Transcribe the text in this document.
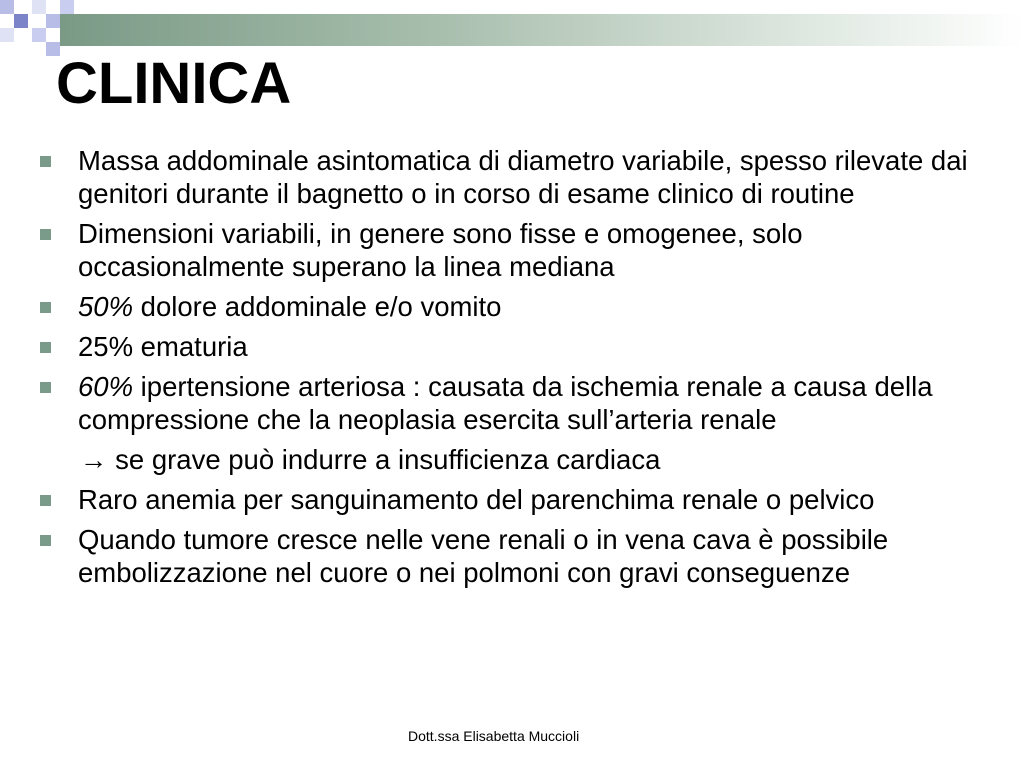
CLINICA
Massa addominale asintomatica di diametro variabile, spesso rilevate dai genitori durante il bagnetto o in corso di esame clinico di routine
Dimensioni variabili, in genere sono fisse e omogenee, solo occasionalmente superano la linea mediana
50% dolore addominale e/o vomito
25% ematuria
60% ipertensione arteriosa : causata da ischemia renale a causa della compressione che la neoplasia esercita sull’arteria renale
→ se grave può indurre a insufficienza cardiaca
Raro anemia per sanguinamento del parenchima renale o pelvico
Quando tumore cresce nelle vene renali o in vena cava è possibile embolizzazione nel cuore o nei polmoni con gravi conseguenze
Dott.ssa Elisabetta Muccioli
